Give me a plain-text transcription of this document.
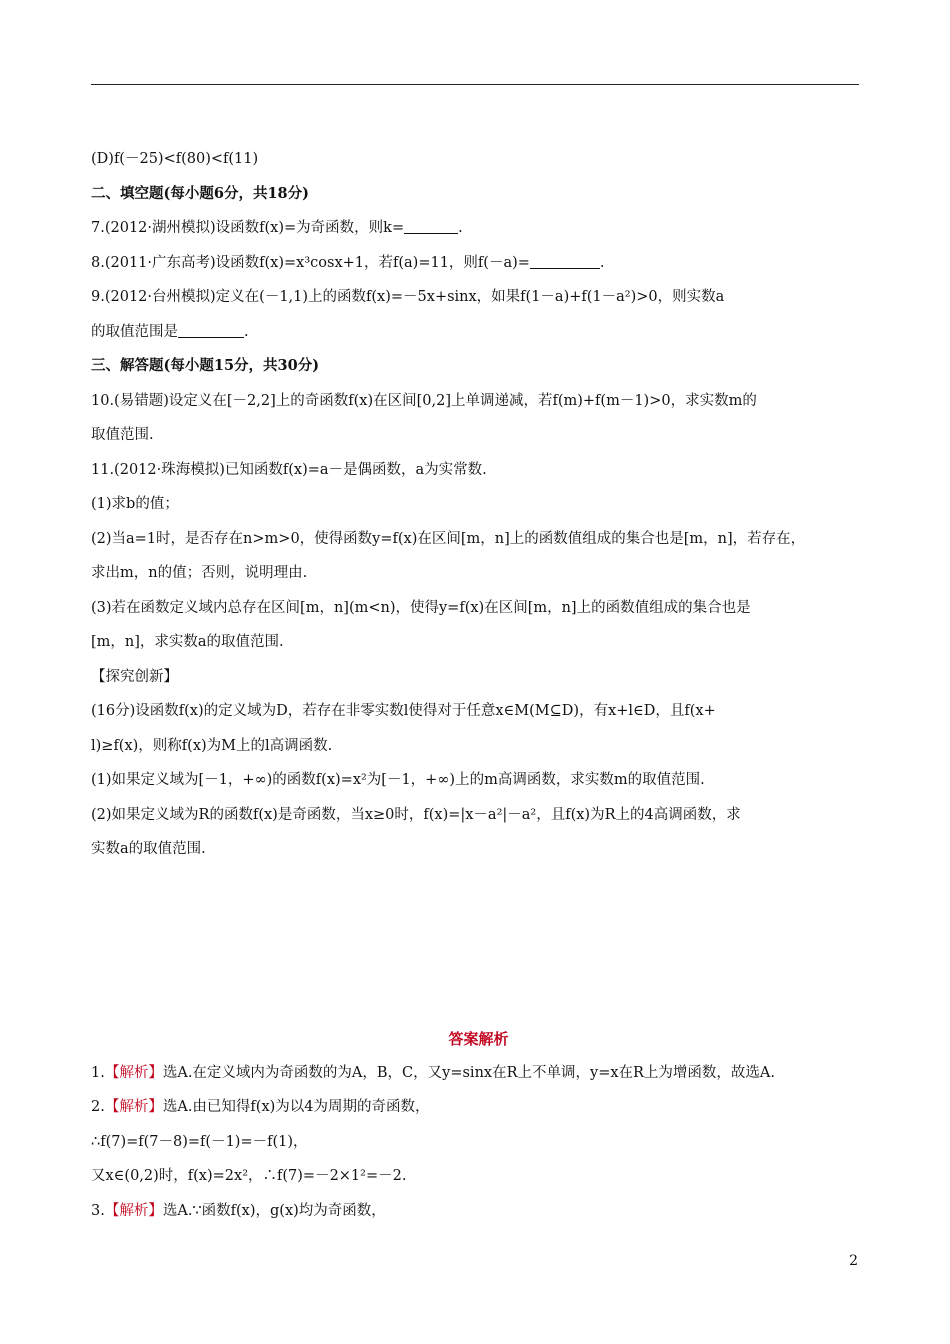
(D)f(－25)<f(80)<f(11)
二、填空题(每小题6分，共18分)
7.(2012·湖州模拟)设函数f(x)=为奇函数，则k=	.
8.(2011·广东高考)设函数f(x)=x³cosx+1，若f(a)=11，则f(－a)=	.
9.(2012·台州模拟)定义在(－1,1)上的函数f(x)=－5x+sinx，如果f(1－a)+f(1－a²)>0，则实数a
的取值范围是	.
三、解答题(每小题15分，共30分)
10.(易错题)设定义在[－2,2]上的奇函数f(x)在区间[0,2]上单调递减，若f(m)+f(m－1)>0，求实数m的
取值范围.
11.(2012·珠海模拟)已知函数f(x)=a－是偶函数，a为实常数.
(1)求b的值；
(2)当a=1时，是否存在n>m>0，使得函数y=f(x)在区间[m，n]上的函数值组成的集合也是[m，n]，若存在，
求出m，n的值；否则，说明理由.
(3)若在函数定义域内总存在区间[m，n](m<n)，使得y=f(x)在区间[m，n]上的函数值组成的集合也是
[m，n]，求实数a的取值范围.
【探究创新】
(16分)设函数f(x)的定义域为D，若存在非零实数l使得对于任意x∈M(M⊆D)，有x+l∈D，且f(x+
l)≥f(x)，则称f(x)为M上的l高调函数.
(1)如果定义域为[－1，+∞)的函数f(x)=x²为[－1，+∞)上的m高调函数，求实数m的取值范围.
(2)如果定义域为R的函数f(x)是奇函数，当x≥0时，f(x)=|x－a²|－a²，且f(x)为R上的4高调函数，求
实数a的取值范围.
答案解析
1.【解析】选A.在定义域内为奇函数的为A，B，C，又y=sinx在R上不单调，y=x在R上为增函数，故选A.
2.【解析】选A.由已知得f(x)为以4为周期的奇函数，
∴f(7)=f(7－8)=f(－1)=－f(1)，
又x∈(0,2)时，f(x)=2x²，∴f(7)=－2×1²=－2.
3.【解析】选A.∵函数f(x)，g(x)均为奇函数，
2
